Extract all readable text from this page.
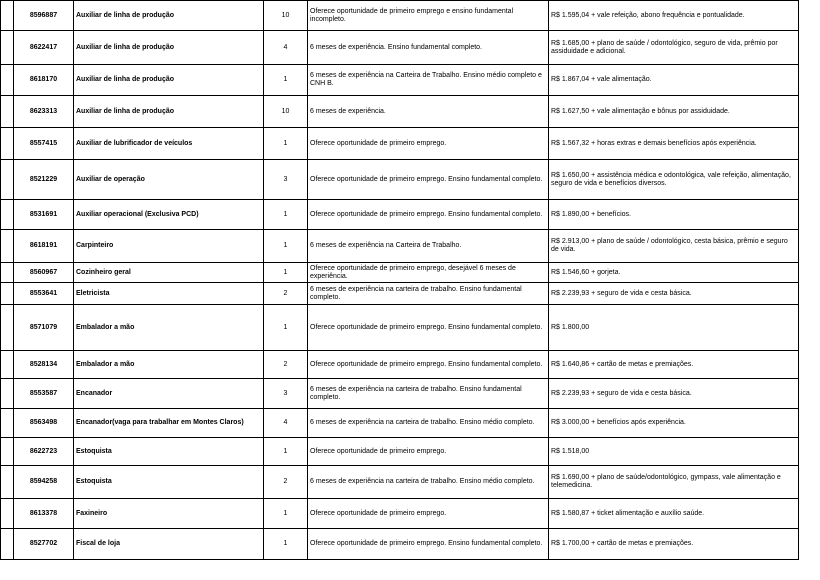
	8596887	Auxiliar de linha de produção	10	Oferece oportunidade de primeiro emprego e ensino fundamental incompleto.	R$ 1.595,04 + vale refeição, abono frequência e pontualidade.
	8622417	Auxiliar de linha de produção	4	6 meses de experiência. Ensino fundamental completo.	R$ 1.685,00 + plano de saúde / odontológico, seguro de vida, prêmio por assiduidade e adicional.
	8618170	Auxiliar de linha de produção	1	6 meses de experiência na Carteira de Trabalho. Ensino médio completo e CNH B.	R$ 1.867,04 + vale alimentação.
	8623313	Auxiliar de linha de produção	10	6 meses de experiência.	R$ 1.627,50 + vale alimentação e bônus por assiduidade.
	8557415	Auxiliar de lubrificador de veículos	1	Oferece oportunidade de primeiro emprego.	R$ 1.567,32 + horas extras e demais benefícios após experiência.
	8521229	Auxiliar de operação	3	Oferece oportunidade de primeiro emprego. Ensino fundamental completo.	R$ 1.650,00 + assistência médica e odontológica, vale refeição, alimentação, seguro de vida e benefícios diversos.
	8531691	Auxiliar operacional (Exclusiva PCD)	1	Oferece oportunidade de primeiro emprego. Ensino fundamental completo.	R$ 1.890,00 + benefícios.
	8618191	Carpinteiro	1	6 meses de experiência na Carteira de Trabalho.	R$ 2.913,00 + plano de saúde / odontológico, cesta básica, prêmio e seguro de vida.
	8560967	Cozinheiro geral	1	Oferece oportunidade de primeiro emprego, desejável 6 meses de experiência.	R$ 1.546,60 + gorjeta.
	8553641	Eletricista	2	6 meses de experiência na carteira de trabalho. Ensino fundamental completo.	R$ 2.239,93 + seguro de vida e cesta básica.
	8571079	Embalador a mão	1	Oferece oportunidade de primeiro emprego. Ensino fundamental completo.	R$ 1.800,00
	8528134	Embalador a mão	2	Oferece oportunidade de primeiro emprego. Ensino fundamental completo.	R$ 1.640,86 + cartão de metas e premiações.
	8553587	Encanador	3	6 meses de experiência na carteira de trabalho. Ensino fundamental completo.	R$ 2.239,93 + seguro de vida e cesta básica.
	8563498	Encanador(vaga para trabalhar em Montes Claros)	4	6 meses de experiência na carteira de trabalho. Ensino médio completo.	R$ 3.000,00 + benefícios após experiência.
	8622723	Estoquista	1	Oferece oportunidade de primeiro emprego.	R$ 1.518,00
	8594258	Estoquista	2	6 meses de experiência na carteira de trabalho. Ensino médio completo.	R$ 1.690,00 + plano de saúde/odontológico, gympass, vale alimentação e telemedicina.
	8613378	Faxineiro	1	Oferece oportunidade de primeiro emprego.	R$ 1.580,87 + ticket alimentação e auxílio saúde.
	8527702	Fiscal de loja	1	Oferece oportunidade de primeiro emprego. Ensino fundamental completo.	R$ 1.700,00 + cartão de metas e premiações.
